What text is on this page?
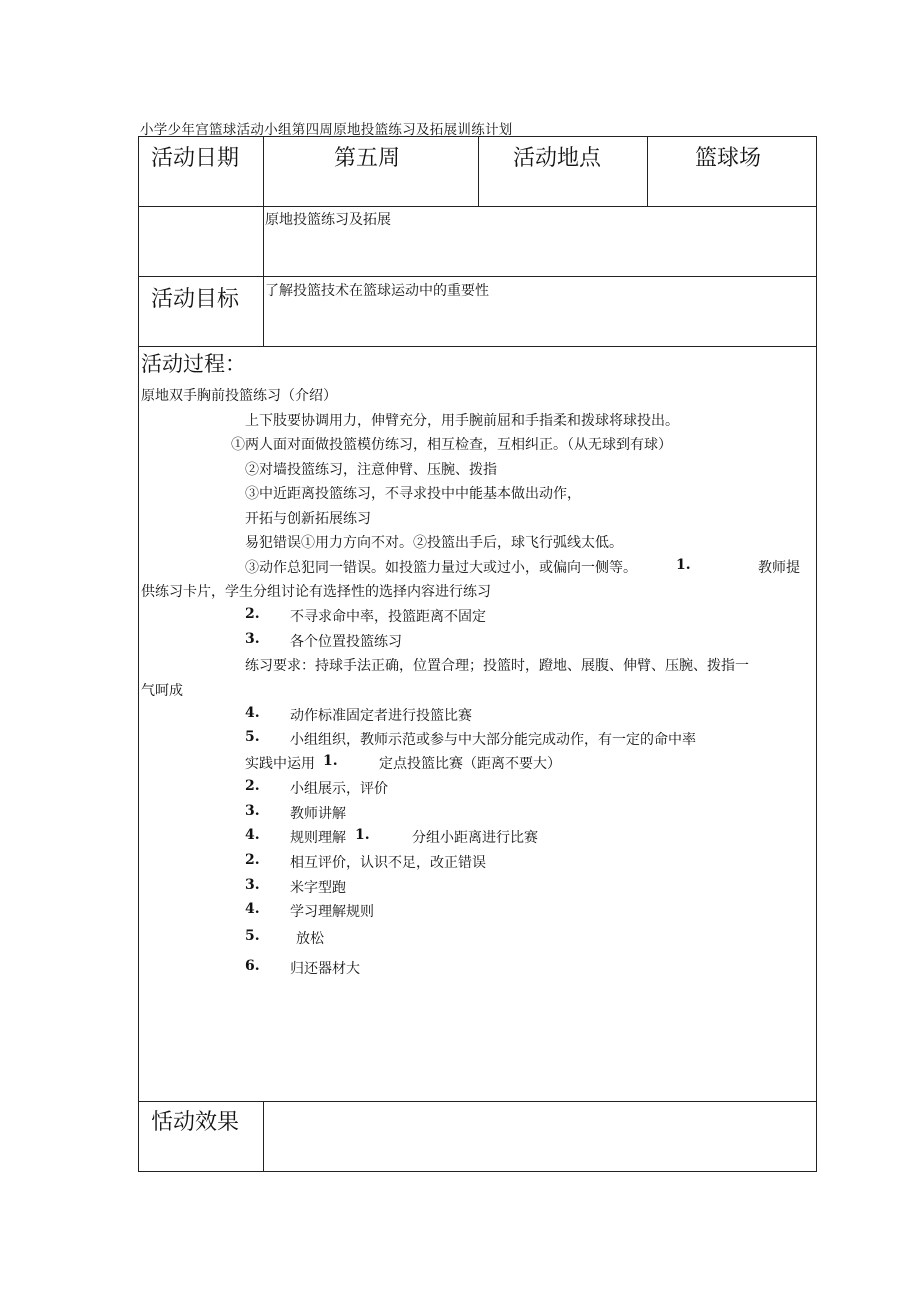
小学少年宫篮球活动小组第四周原地投篮练习及拓展训练计划
活动日期	第五周	活动地点	篮球场
原地投篮练习及拓展
活动目标 了解投篮技术在篮球运动中的重要性
活动过程：
原地双手胸前投篮练习（介绍）
上下肢要协调用力，伸臂充分，用手腕前屈和手指柔和拨球将球投出。
①两人面对面做投篮模仿练习，相互检查，互相纠正。（从无球到有球）
②对墙投篮练习，注意伸臂、压腕、拨指
③中近距离投篮练习，不寻求投中中能基本做出动作，
开拓与创新拓展练习
易犯错误①用力方向不对。②投篮出手后，球飞行弧线太低。
③动作总犯同一错误。如投篮力量过大或过小，或偏向一侧等。	1.	教师提
供练习卡片，学生分组讨论有选择性的选择内容进行练习
2. 不寻求命中率，投篮距离不固定
3. 各个位置投篮练习
练习要求：持球手法正确，位置合理；投篮时，蹬地、展腹、伸臂、压腕、拨指一
气呵成
4. 动作标准固定者进行投篮比赛
5. 小组组织，教师示范或参与中大部分能完成动作，有一定的命中率
实践中运用 1.	定点投篮比赛（距离不要大）
2. 小组展示，评价
3. 教师讲解
4. 规则理解 1.	分组小距离进行比赛
2. 相互评价，认识不足，改正错误
3. 米字型跑
4. 学习理解规则
5.	放松
6. 归还器材大
恬动效果
